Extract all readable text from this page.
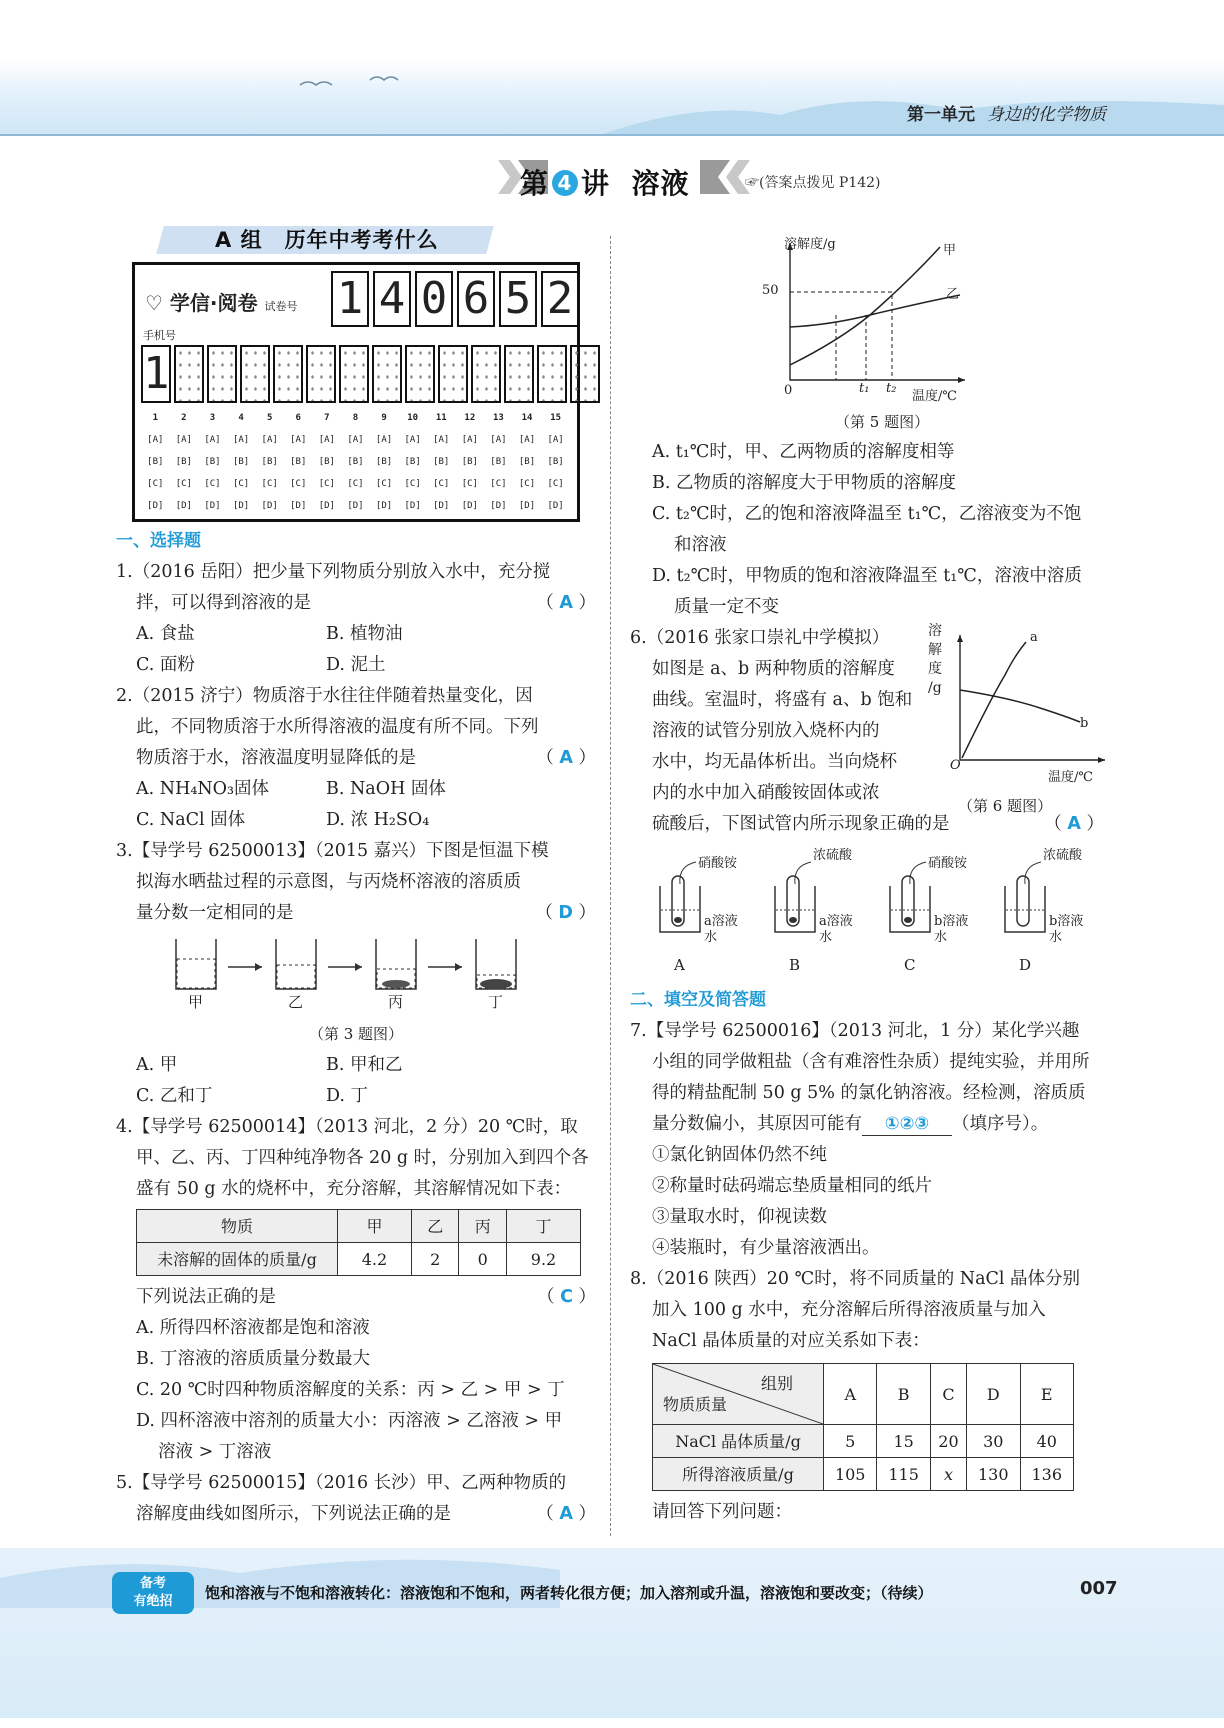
第一单元 身边的化学物质
第 4 讲 溶液	☞(答案点拨见 P142)
A 组　历年中考考什么
♡ 学信·阅卷 试卷号 1 4 0 6 5 2
手机号
1
1	2	3	4	5	6	7	8	9 10 11 12 13 14 15
[A] [A] [A] [A] [A] [A] [A] [A] [A] [A] [A] [A] [A] [A] [A]
[B] [B] [B] [B] [B] [B] [B] [B] [B] [B] [B] [B] [B] [B] [B]
[C] [C] [C] [C] [C] [C] [C] [C] [C] [C] [C] [C] [C] [C] [C]
[D] [D] [D] [D] [D] [D] [D] [D] [D] [D] [D] [D] [D] [D] [D]
一、选择题
1.（2016 岳阳）把少量下列物质分别放入水中，充分搅
拌，可以得到溶液的是	（ A ）
A. 食盐	B. 植物油
C. 面粉	D. 泥土
2.（2015 济宁）物质溶于水往往伴随着热量变化，因
此，不同物质溶于水所得溶液的温度有所不同。下列
物质溶于水，溶液温度明显降低的是	（ A ）
A. NH₄NO₃固体	B. NaOH 固体
C. NaCl 固体	D. 浓 H₂SO₄
3.【导学号 62500013】（2015 嘉兴）下图是恒温下模
拟海水晒盐过程的示意图，与丙烧杯溶液的溶质质
量分数一定相同的是	（ D ）
甲	乙	丙	丁
（第 3 题图）
A. 甲	B. 甲和乙
C. 乙和丁	D. 丁
4.【导学号 62500014】（2013 河北，2 分）20 ℃时，取
甲、乙、丙、丁四种纯净物各 20 g 时，分别加入到四个各
盛有 50 g 水的烧杯中，充分溶解，其溶解情况如下表：
物质	甲	乙	丙	丁
未溶解的固体的质量/g	4.2	2	0	9.2
下列说法正确的是	（ C ）
A. 所得四杯溶液都是饱和溶液
B. 丁溶液的溶质质量分数最大
C. 20 ℃时四种物质溶解度的关系：丙 > 乙 > 甲 > 丁
D. 四杯溶液中溶剂的质量大小：丙溶液 > 乙溶液 > 甲
溶液 > 丁溶液
5.【导学号 62500015】（2016 长沙）甲、乙两种物质的
溶解度曲线如图所示，下列说法正确的是	（ A ）
溶解度/g
50
0	t₁ t₂
温度/℃
甲
乙
（第 5 题图）
A. t₁℃时，甲、乙两物质的溶解度相等
B. 乙物质的溶解度大于甲物质的溶解度
C. t₂℃时，乙的饱和溶液降温至 t₁℃，乙溶液变为不饱
和溶液
D. t₂℃时，甲物质的饱和溶液降温至 t₁℃，溶液中溶质
质量一定不变
6.（2016 张家口崇礼中学模拟）
如图是 a、b 两种物质的溶解度
曲线。室温时，将盛有 a、b 饱和
溶液的试管分别放入烧杯内的
水中，均无晶体析出。当向烧杯
内的水中加入硝酸铵固体或浓
硫酸后，下图试管内所示现象正确的是	（ A ）
溶
解
度
/g
O
a
b
温度/℃
（第 6 题图）
硝酸铵
a溶液
水
A
浓硫酸
a溶液
水
B
硝酸铵
b溶液
水
C
浓硫酸
b溶液
水
D
二、填空及简答题
7.【导学号 62500016】（2013 河北，1 分）某化学兴趣
小组的同学做粗盐（含有难溶性杂质）提纯实验，并用所
得的精盐配制 50 g 5% 的氯化钠溶液。经检测，溶质质
量分数偏小，其原因可能有 ①②③ （填序号）。
①氯化钠固体仍然不纯
②称量时砝码端忘垫质量相同的纸片
③量取水时，仰视读数
④装瓶时，有少量溶液洒出。
8.（2016 陕西）20 ℃时，将不同质量的 NaCl 晶体分别
加入 100 g 水中，充分溶解后所得溶液质量与加入
NaCl 晶体质量的对应关系如下表：
组别
物质质量	A	B	C	D	E
NaCl 晶体质量/g	5	15	20	30	40
所得溶液质量/g	105	115	x	130	136
请回答下列问题：
备考
有绝招	饱和溶液与不饱和溶液转化：溶液饱和不饱和，两者转化很方便；加入溶剂或升温，溶液饱和要改变；（待续）	007
